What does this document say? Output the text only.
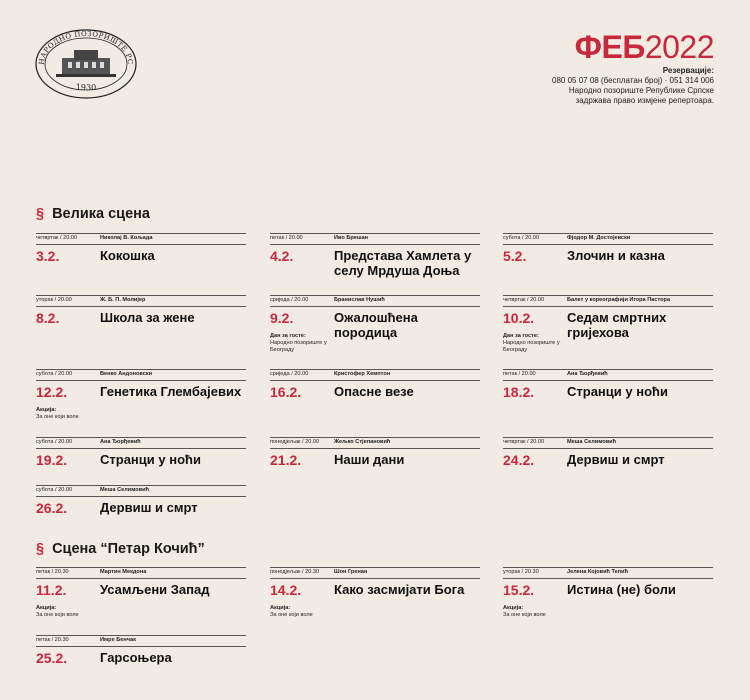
НАРОДНО ПОЗОРИШТЕ РС
1930
ФЕБ2022
Резервације:
080 05 07 08 (бесплатан број) · 051 314 006
Народно позориште Републике Српске
задржава право измјене репертоара.
§ Велика сцена
§ Сцена “Петар Кочић”
четвртак / 20.00	Николај В. Кољада
3.2.	Кокошка
петак / 20.00	Иво Брешан
4.2.	Представа Хамлета у селу Мрдуша Доња
субота / 20.00	Фјодор М. Достојевски
5.2.	Злочин и казна
уторак / 20.00	Ж. Б. П. Молијер
8.2.	Школа за жене
сриједа / 20.00	Бранислав Нушић
9.2.	Ожалошћена породица
Дан за госте:
Народно позориште у Београду
четвртак / 20.00	Балет у кореографији Игора Пастора
10.2.	Седам смртних гријехова
Дан за госте:
Народно позориште у Београду
субота / 20.00	Венко Андоновски
12.2.	Генетика Глембајевих
Акција:
За оне који воле
сриједа / 20.00	Кристофер Хемптон
16.2.	Опасне везе
петак / 20.00	Ана Ђорђевић
18.2.	Странци у ноћи
субота / 20.00	Ана Ђорђевић
19.2.	Странци у ноћи
понедјељак / 20.00	Жељко Стјепановић
21.2.	Наши дани
четвртак / 20.00	Меша Селимовић
24.2.	Дервиш и смрт
субота / 20.00	Меша Селимовић
26.2.	Дервиш и смрт
петак / 20.30	Мартин Мекдона
11.2.	Усамљени Запад
Акција:
За оне који воле
понедјељак / 20.30	Шон Гренан
14.2.	Како засмијати Бога
Акција:
За оне који воле
уторак / 20.30	Јелена Којовић Тепић
15.2.	Истина (не) боли
Акција:
За оне који воле
петак / 20.30	Имре Бенчак
25.2.	Гарсоњера
